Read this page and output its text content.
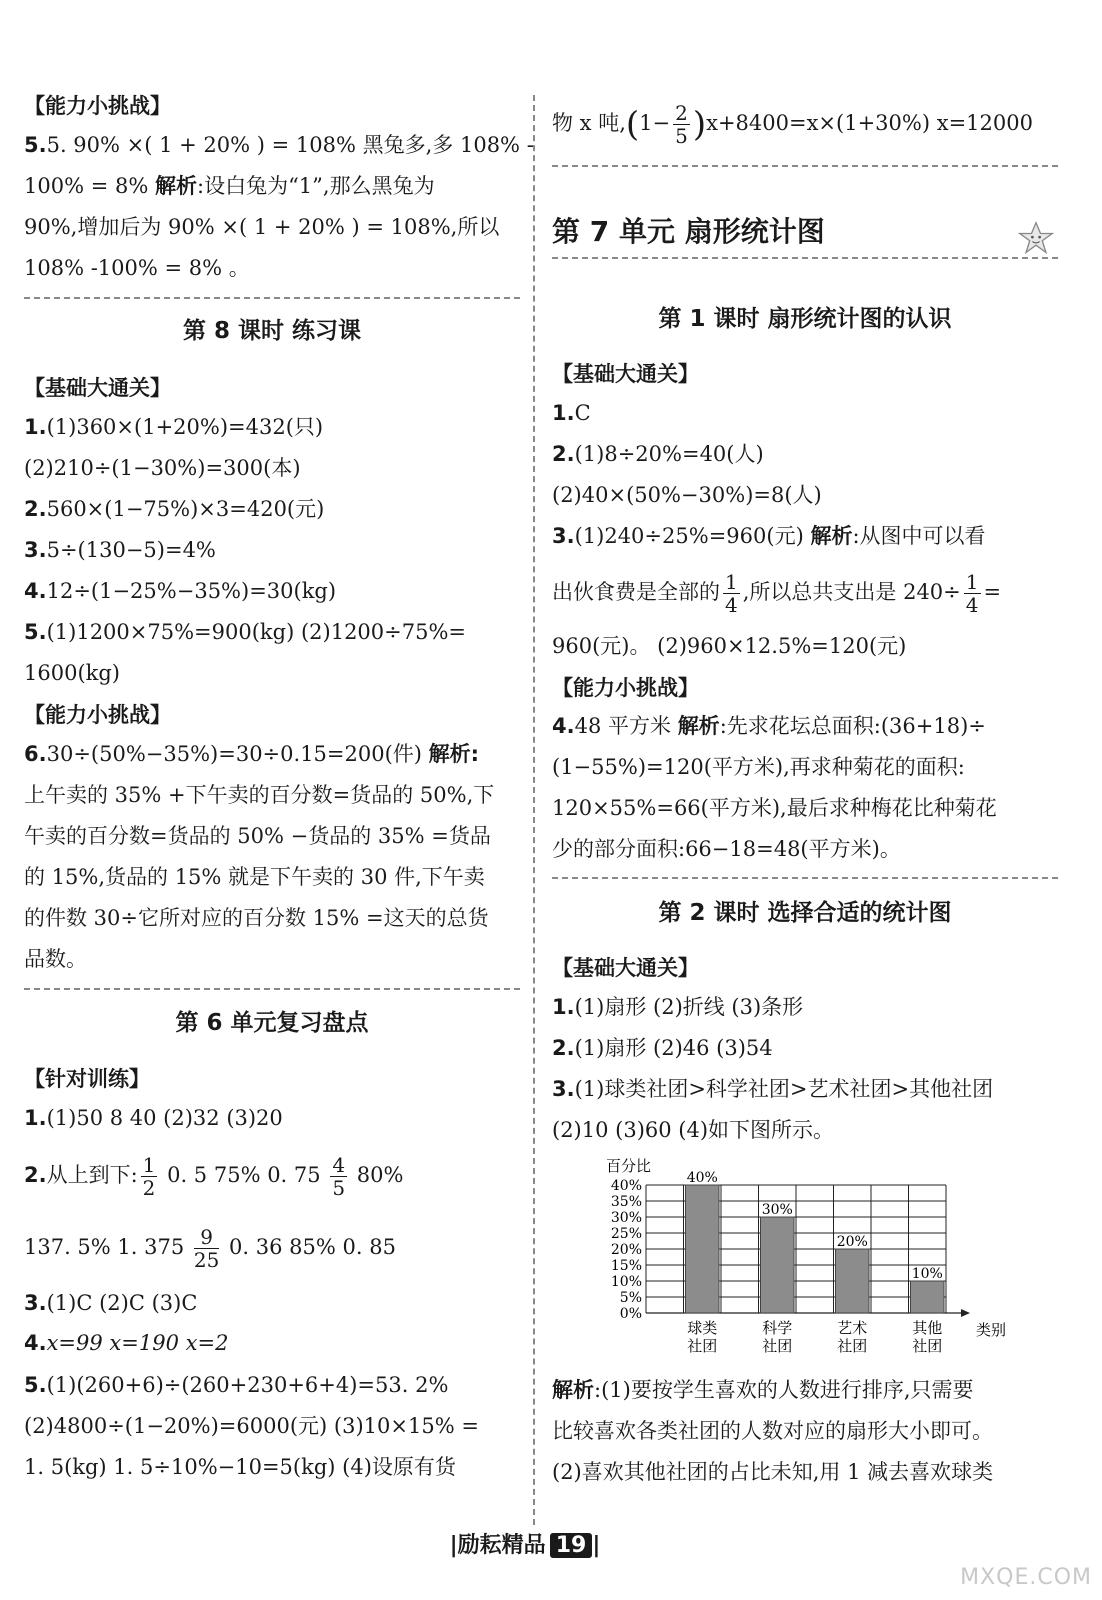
【能力小挑战】
5.5. 90% ×( 1 + 20% ) = 108% 黑兔多,多 108% -
100% = 8% 解析:设白兔为“1”,那么黑兔为
90%,增加后为 90% ×( 1 + 20% ) = 108%,所以
108% -100% = 8% 。
第 8 课时 练习课
【基础大通关】
1.(1)360×(1+20%)=432(只)
(2)210÷(1−30%)=300(本)
2.560×(1−75%)×3=420(元)
3.5÷(130−5)=4%
4.12÷(1−25%−35%)=30(kg)
5.(1)1200×75%=900(kg) (2)1200÷75%=
1600(kg)
【能力小挑战】
6.30÷(50%−35%)=30÷0.15=200(件) 解析:
上午卖的 35% +下午卖的百分数=货品的 50%,下
午卖的百分数=货品的 50% −货品的 35% =货品
的 15%,货品的 15% 就是下午卖的 30 件,下午卖
的件数 30÷它所对应的百分数 15% =这天的总货
品数。
第 6 单元复习盘点
【针对训练】
1.(1)50 8 40 (2)32 (3)20
2.从上到下: $\frac{1}{2} 0$. 5 75% 0. $75 \frac{4}{5} 80\%$
137. 5% 1. $375 \frac{9}{25} 0$. 36 85% 0. 85
3.(1)C (2)C (3)C
4.x=99 x=190 x=2
5.(1)(260+6)÷(260+230+6+4)=53. 2%
(2)4800÷(1−20%)=6000(元) (3)10×15% =
1. 5(kg) 1. 5÷10%−10=5(kg) (4)设原有货
物 x 吨$,(1- \frac{2}{5} )x+8400=x\times(1+30\%)$ x=12000
第 7 单元 扇形统计图
第 1 课时 扇形统计图的认识
【基础大通关】
1.C
2.(1)8÷20%=40(人)
(2)40×(50%−30%)=8(人)
3.(1)240÷25%=960(元) 解析:从图中可以看
出伙食费是全部的 $\frac{1}{4}$ ,所以总共支出是 $240\div \frac{1}{4}$ =
960(元)。 (2)960×12.5%=120(元)
【能力小挑战】
4.48 平方米 解析:先求花坛总面积:(36+18)÷
(1−55%)=120(平方米),再求种菊花的面积:
120×55%=66(平方米),最后求种梅花比种菊花
少的部分面积:66−18=48(平方米)。
第 2 课时 选择合适的统计图
【基础大通关】
1.(1)扇形 (2)折线 (3)条形
2.(1)扇形 (2)46 (3)54
3.(1)球类社团>科学社团>艺术社团>其他社团
(2)10 (3)60 (4)如下图所示。
0%
5%
10%
15%
20%
25%
30%
35%
40%
百分比
类别
40%
球类
社团
30%
科学
社团
20%
艺术
社团
10%
其他
社团
解析:(1)要按学生喜欢的人数进行排序,只需要
比较喜欢各类社团的人数对应的扇形大小即可。
(2)喜欢其他社团的占比未知,用 1 减去喜欢球类
|励耘精品 19 |
MXQE.COM
